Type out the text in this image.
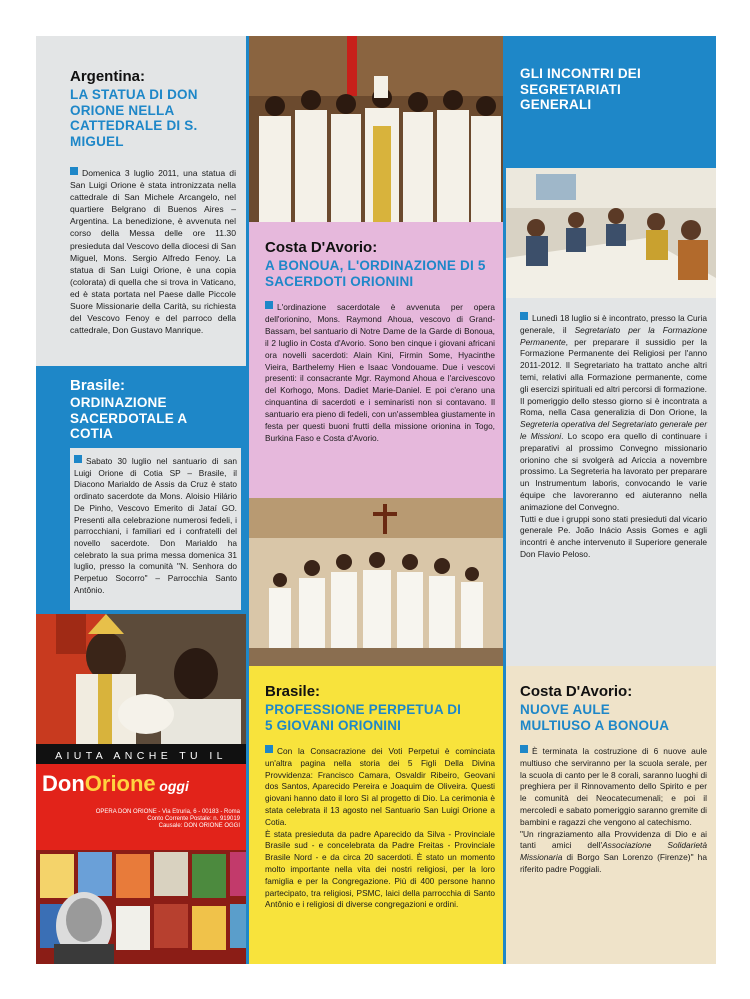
Argentina:
LA STATUA DI DON ORIONE NELLA CATTEDRALE DI S. MIGUEL

Domenica 3 luglio 2011, una statua di San Luigi Orione è stata intronizzata nella cattedrale di San Michele Arcangelo, nel quartiere Belgrano di Buenos Aires – Argentina. La benedizione, è avvenuta nel corso della Messa delle ore 11.30 presieduta dal Vescovo della diocesi di San Miguel, Mons. Sergio Alfredo Fenoy. La statua di San Luigi Orione, è una copia (colorata) di quella che si trova in Vaticano, ed è stata portata nel Paese dalle Piccole Suore Missionarie della Carità, su richiesta del Vescovo Fenoy e del parroco della cattedrale, Don Gustavo Manrique.

Brasile:
ORDINAZIONE SACERDOTALE A COTIA

Sabato 30 luglio nel santuario di san Luigi Orione di Cotia SP – Brasile, il Diacono Marialdo de Assis da Cruz è stato ordinato sacerdote da Mons. Aloisio Hilário De Pinho, Vescovo Emerito di Jataí GO. Presenti alla celebrazione numerosi fedeli, i parrocchiani, i familiari ed i confratelli del novello sacerdote. Don Marialdo ha celebrato la sua prima messa domenica 31 luglio, presso la comunità "N. Senhora do Perpetuo Socorro" – Parrocchia Santo Antônio.

AIUTA ANCHE TU IL
DonOrione oggi
OPERA DON ORIONE - Via Etruria, 6 - 00183 - Roma
Conto Corrente Postale: n. 919019
Causale: DON ORIONE OGGI
Costa D'Avorio:
A BONOUA, L'ORDINAZIONE DI 5 SACERDOTI ORIONINI

L'ordinazione sacerdotale è avvenuta per opera dell'orionino, Mons. Raymond Ahoua, vescovo di Grand-Bassam, bel santuario di Notre Dame de la Garde di Bonoua, il 2 luglio in Costa d'Avorio. Sono ben cinque i giovani africani ora novelli sacerdoti: Alain Kini, Firmin Some, Hyacinthe Vieira, Barthelemy Hien e Isaac Vondouame. Due i vescovi presenti: il consacrante Mgr. Raymond Ahoua e l'arcivescovo del Korhogo, Mons. Dadiet Marie-Daniel. E poi c'erano una cinquantina di sacerdoti e i seminaristi non si contavano. Il santuario era pieno di fedeli, con un'assemblea giustamente in festa per questi buoni frutti della missione orionina in Togo, Burkina Faso e Costa d'Avorio.

Brasile:
PROFESSIONE PERPETUA DI 5 GIOVANI ORIONINI

Con la Consacrazione dei Voti Perpetui è cominciata un'altra pagina nella storia dei 5 Figli Della Divina Provvidenza: Francisco Camara, Osvaldir Ribeiro, Geovani dos Santos, Aparecido Pereira e Joaquim de Oliveira. Questi giovani hanno dato il loro Sì al progetto di Dio. La cerimonia è stata celebrata il 13 agosto nel Santuario San Luigi Orione a Cotia.

È stata presieduta da padre Aparecido da Silva - Provinciale Brasile sud - e concelebrata da Padre Freitas - Provinciale Brasile Nord - e da circa 20 sacerdoti. È stato un momento molto importante nella vita dei nostri religiosi, per la loro famiglia e per la Congregazione. Più di 400 persone hanno partecipato, tra religiosi, PSMC, laici della parrocchia di Santo Antônio e i religiosi di diverse congregazioni e ordini.

GLI INCONTRI DEI SEGRETARIATI GENERALI

Lunedì 18 luglio si è incontrato, presso la Curia generale, il Segretariato per la Formazione Permanente, per preparare il sussidio per la Formazione Permanente dei Religiosi per l'anno 2011-2012. Il Segretariato ha trattato anche altri temi, relativi alla Formazione permanente, come gli esercizi spirituali ed altri percorsi di formazione. Il pomeriggio dello stesso giorno si è incontrata a Roma, nella Casa generalizia di Don Orione, la Segreteria operativa del Segretariato generale per le Missioni. Lo scopo era quello di continuare i preparativi al prossimo Convegno missionario orionino che si svolgerà ad Ariccia a novembre prossimo. La Segreteria ha lavorato per preparare un Instrumentum laboris, convocando le varie équipe che lavoreranno ed aiuteranno nella animazione del Convegno.

Tutti e due i gruppi sono stati presieduti dal vicario generale Pe. João Inácio Assis Gomes e agli incontri è anche intervenuto il Superiore generale Don Flavio Peloso.

Costa D'Avorio:
NUOVE AULE MULTIUSO A BONOUA

È terminata la costruzione di 6 nuove aule multiuso che serviranno per la scuola serale, per la scuola di canto per le 8 corali, saranno luoghi di preghiera per il Rinnovamento dello Spirito e per le comunità dei Neocatecumenali; e poi il mercoledì e sabato pomeriggio saranno gremite di bambini e ragazzi che vengono al catechismo.

"Un ringraziamento alla Provvidenza di Dio e ai tanti amici dell'Associazione Solidarietà Missionaria di Borgo San Lorenzo (Firenze)" ha riferito padre Poggiali.
